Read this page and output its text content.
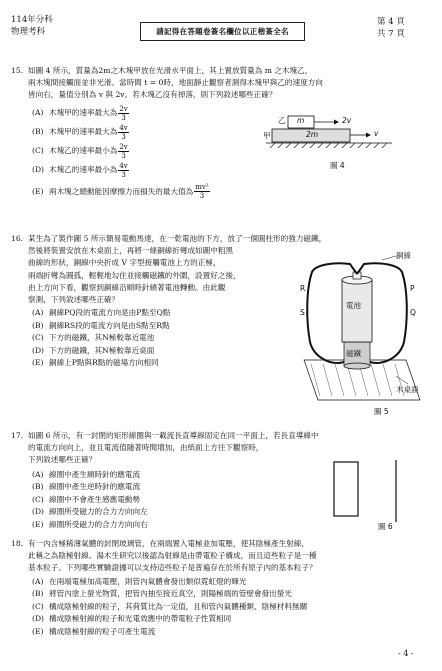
114年分科
物理考科	請記得在答題卷簽名欄位以正楷簽全名
第 4 頁
共 7 頁
15. 如圖 4 所示，質量為2m之木塊甲放在光滑水平面上，其上置放質量為 m 之木塊乙，
兩木塊間接觸面並非光滑。當時間 t = 0時，地面靜止觀察者測得木塊甲與乙的速度方向
皆向右，量值分別為 v 與 2v。若木塊乙沒有掉落，則下列敘述哪些正確？
(A) 木塊甲的速率最大為 $\frac{2v}{3}$
(B) 木塊甲的速率最大為 $\frac{4v}{3}$
(C) 木塊乙的速率最小為 $\frac{2v}{3}$
(D) 木塊乙的速率最小為 $\frac{4v}{3}$
(E) 兩木塊之總動能因摩擦力而損失的最大值為 $\frac{\text{mv²}}{3}$
乙 m
甲	2m
2v
v
圖 4
16. 某生為了製作圖 5 所示簡易電動馬達，在一乾電池的下方，放了一個圓柱形的強力磁鐵，
然後將裝置安放在木桌面上，再將一條銅線折彎成如圖中粗黑
曲線的形狀，銅線中央折成 V 字型接觸電池上方的正極，
兩端折彎為圓孤，輕輕地勾住並接觸磁鐵的外圍，設置好之後，
由上方向下看，觀察到銅線沿順時針繞著電池轉動。由此觀
察測，下列敘述哪些正確？
(A) 銅線PQ段的電流方向是由P點至Q點
(B) 銅線RS段的電流方向是由S點至R點
(C) 下方的磁鐵，其N極較靠近電池
(D) 下方的磁鐵，其N極較靠近桌面
(E) 銅線上P點與R點的磁場方向相同
銅線
電池
磁鐵
木桌面
R
S
P
Q
圖 5
17. 如圖 6 所示，有一封閉的矩形線圈與一載流長直導線固定在同一平面上，若長直導線中
的電流方向向上，並且電流值隨著時間增加，由紙面上方往下觀察時，
下列敘述哪些正確？
(A) 線圈中產生順時針的應電流
(B) 線圈中產生逆時針的應電流
(C) 線圈中不會產生感應電動勢
(D) 線圈所受磁力的合力方向向左
(E) 線圈所受磁力的合力方向向右	圖 6
18. 有一內含極稀薄氣體的封閉玻璃管，在兩端置入電極並加電壓，使其陰極產生射線，
此稱之為陰極射線。湯木生研究以後認為射線是由帶電粒子構成，而且這些粒子是一種
基本粒子。下列哪些實驗證據可以支持這些粒子是普遍存在於所有原子內的基本粒子？
(A) 在兩端電極加高電壓，則管內氣體會發出類似霓虹燈的輝光
(B) 將管內塗上螢光物質，把管內抽至接近真空，則陽極端的管壁會發出螢光
(C) 構成陰極射線的粒子，其荷質比為一定值，且和管內氣體種類、陰極材料無關
(D) 構成陰極射線的粒子和光電效應中的帶電粒子性質相同
(E) 構成陰極射線的粒子可產生電流
- 4 -
